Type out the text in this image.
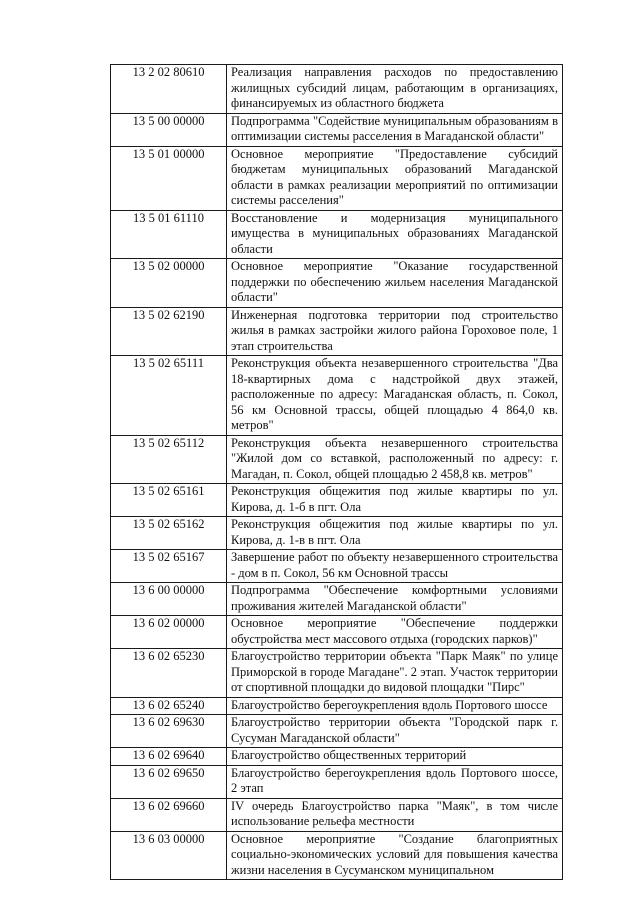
13 2 02 80610	Реализация направления расходов по предоставлению жилищных субсидий лицам, работающим в организациях, финансируемых из областного бюджета
13 5 00 00000	Подпрограмма "Содействие муниципальным образованиям в оптимизации системы расселения в Магаданской области"
13 5 01 00000	Основное мероприятие "Предоставление субсидий бюджетам муниципальных образований Магаданской области в рамках реализации мероприятий по оптимизации системы расселения"
13 5 01 61110	Восстановление и модернизация муниципального имущества в муниципальных образованиях Магаданской области
13 5 02 00000	Основное мероприятие "Оказание государственной поддержки по обеспечению жильем населения Магаданской области"
13 5 02 62190	Инженерная подготовка территории под строительство жилья в рамках застройки жилого района Гороховое поле, 1 этап строительства
13 5 02 65111	Реконструкция объекта незавершенного строительства "Два 18-квартирных дома с надстройкой двух этажей, расположенные по адресу: Магаданская область, п. Сокол, 56 км Основной трассы, общей площадью 4 864,0 кв. метров"
13 5 02 65112	Реконструкция объекта незавершенного строительства "Жилой дом со вставкой, расположенный по адресу: г. Магадан, п. Сокол, общей площадью 2 458,8 кв. метров"
13 5 02 65161	Реконструкция общежития под жилые квартиры по ул. Кирова, д. 1-б в пгт. Ола
13 5 02 65162	Реконструкция общежития под жилые квартиры по ул. Кирова, д. 1-в в пгт. Ола
13 5 02 65167	Завершение работ по объекту незавершенного строительства - дом в п. Сокол, 56 км Основной трассы
13 6 00 00000	Подпрограмма "Обеспечение комфортными условиями проживания жителей Магаданской области"
13 6 02 00000	Основное мероприятие "Обеспечение поддержки обустройства мест массового отдыха (городских парков)"
13 6 02 65230	Благоустройство территории объекта "Парк Маяк" по улице Приморской в городе Магадане". 2 этап. Участок территории от спортивной площадки до видовой площадки "Пирс"
13 6 02 65240	Благоустройство берегоукрепления вдоль Портового шоссе
13 6 02 69630	Благоустройство территории объекта "Городской парк г. Сусуман Магаданской области"
13 6 02 69640	Благоустройство общественных территорий
13 6 02 69650	Благоустройство берегоукрепления вдоль Портового шоссе, 2 этап
13 6 02 69660	IV очередь Благоустройство парка "Маяк", в том числе использование рельефа местности
13 6 03 00000	Основное мероприятие "Создание благоприятных социально-экономических условий для повышения качества жизни населения в Сусуманском муниципальном
